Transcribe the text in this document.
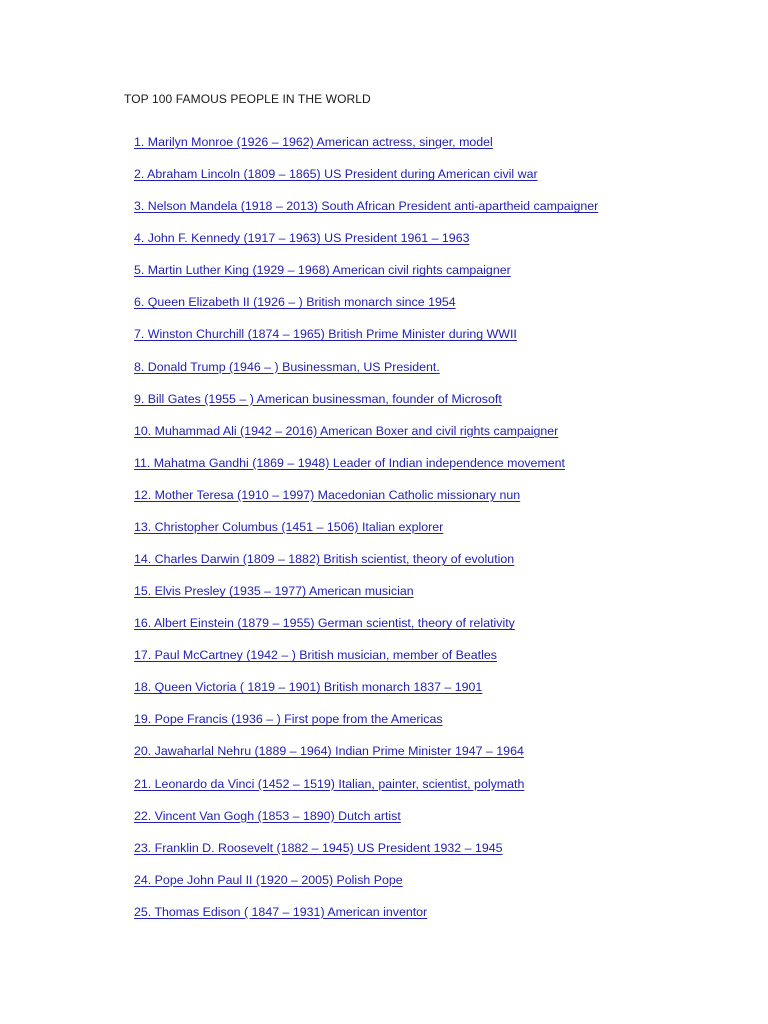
TOP 100 FAMOUS PEOPLE IN THE WORLD
1. Marilyn Monroe (1926 – 1962) American actress, singer, model
2. Abraham Lincoln (1809 – 1865) US President during American civil war
3. Nelson Mandela (1918 – 2013) South African President anti-apartheid campaigner
4. John F. Kennedy (1917 – 1963) US President 1961 – 1963
5. Martin Luther King (1929 – 1968) American civil rights campaigner
6. Queen Elizabeth II (1926 – ) British monarch since 1954
7. Winston Churchill (1874 – 1965) British Prime Minister during WWII
8. Donald Trump (1946 – ) Businessman, US President.
9. Bill Gates (1955 – ) American businessman, founder of Microsoft
10. Muhammad Ali (1942 – 2016) American Boxer and civil rights campaigner
11. Mahatma Gandhi (1869 – 1948) Leader of Indian independence movement
12. Mother Teresa (1910 – 1997) Macedonian Catholic missionary nun
13. Christopher Columbus (1451 – 1506) Italian explorer
14. Charles Darwin (1809 – 1882) British scientist, theory of evolution
15. Elvis Presley (1935 – 1977) American musician
16. Albert Einstein (1879 – 1955) German scientist, theory of relativity
17. Paul McCartney (1942 – ) British musician, member of Beatles
18. Queen Victoria ( 1819 – 1901) British monarch 1837 – 1901
19. Pope Francis (1936 – ) First pope from the Americas
20. Jawaharlal Nehru (1889 – 1964) Indian Prime Minister 1947 – 1964
21. Leonardo da Vinci (1452 – 1519) Italian, painter, scientist, polymath
22. Vincent Van Gogh (1853 – 1890) Dutch artist
23. Franklin D. Roosevelt (1882 – 1945) US President 1932 – 1945
24. Pope John Paul II (1920 – 2005) Polish Pope
25. Thomas Edison ( 1847 – 1931) American inventor
